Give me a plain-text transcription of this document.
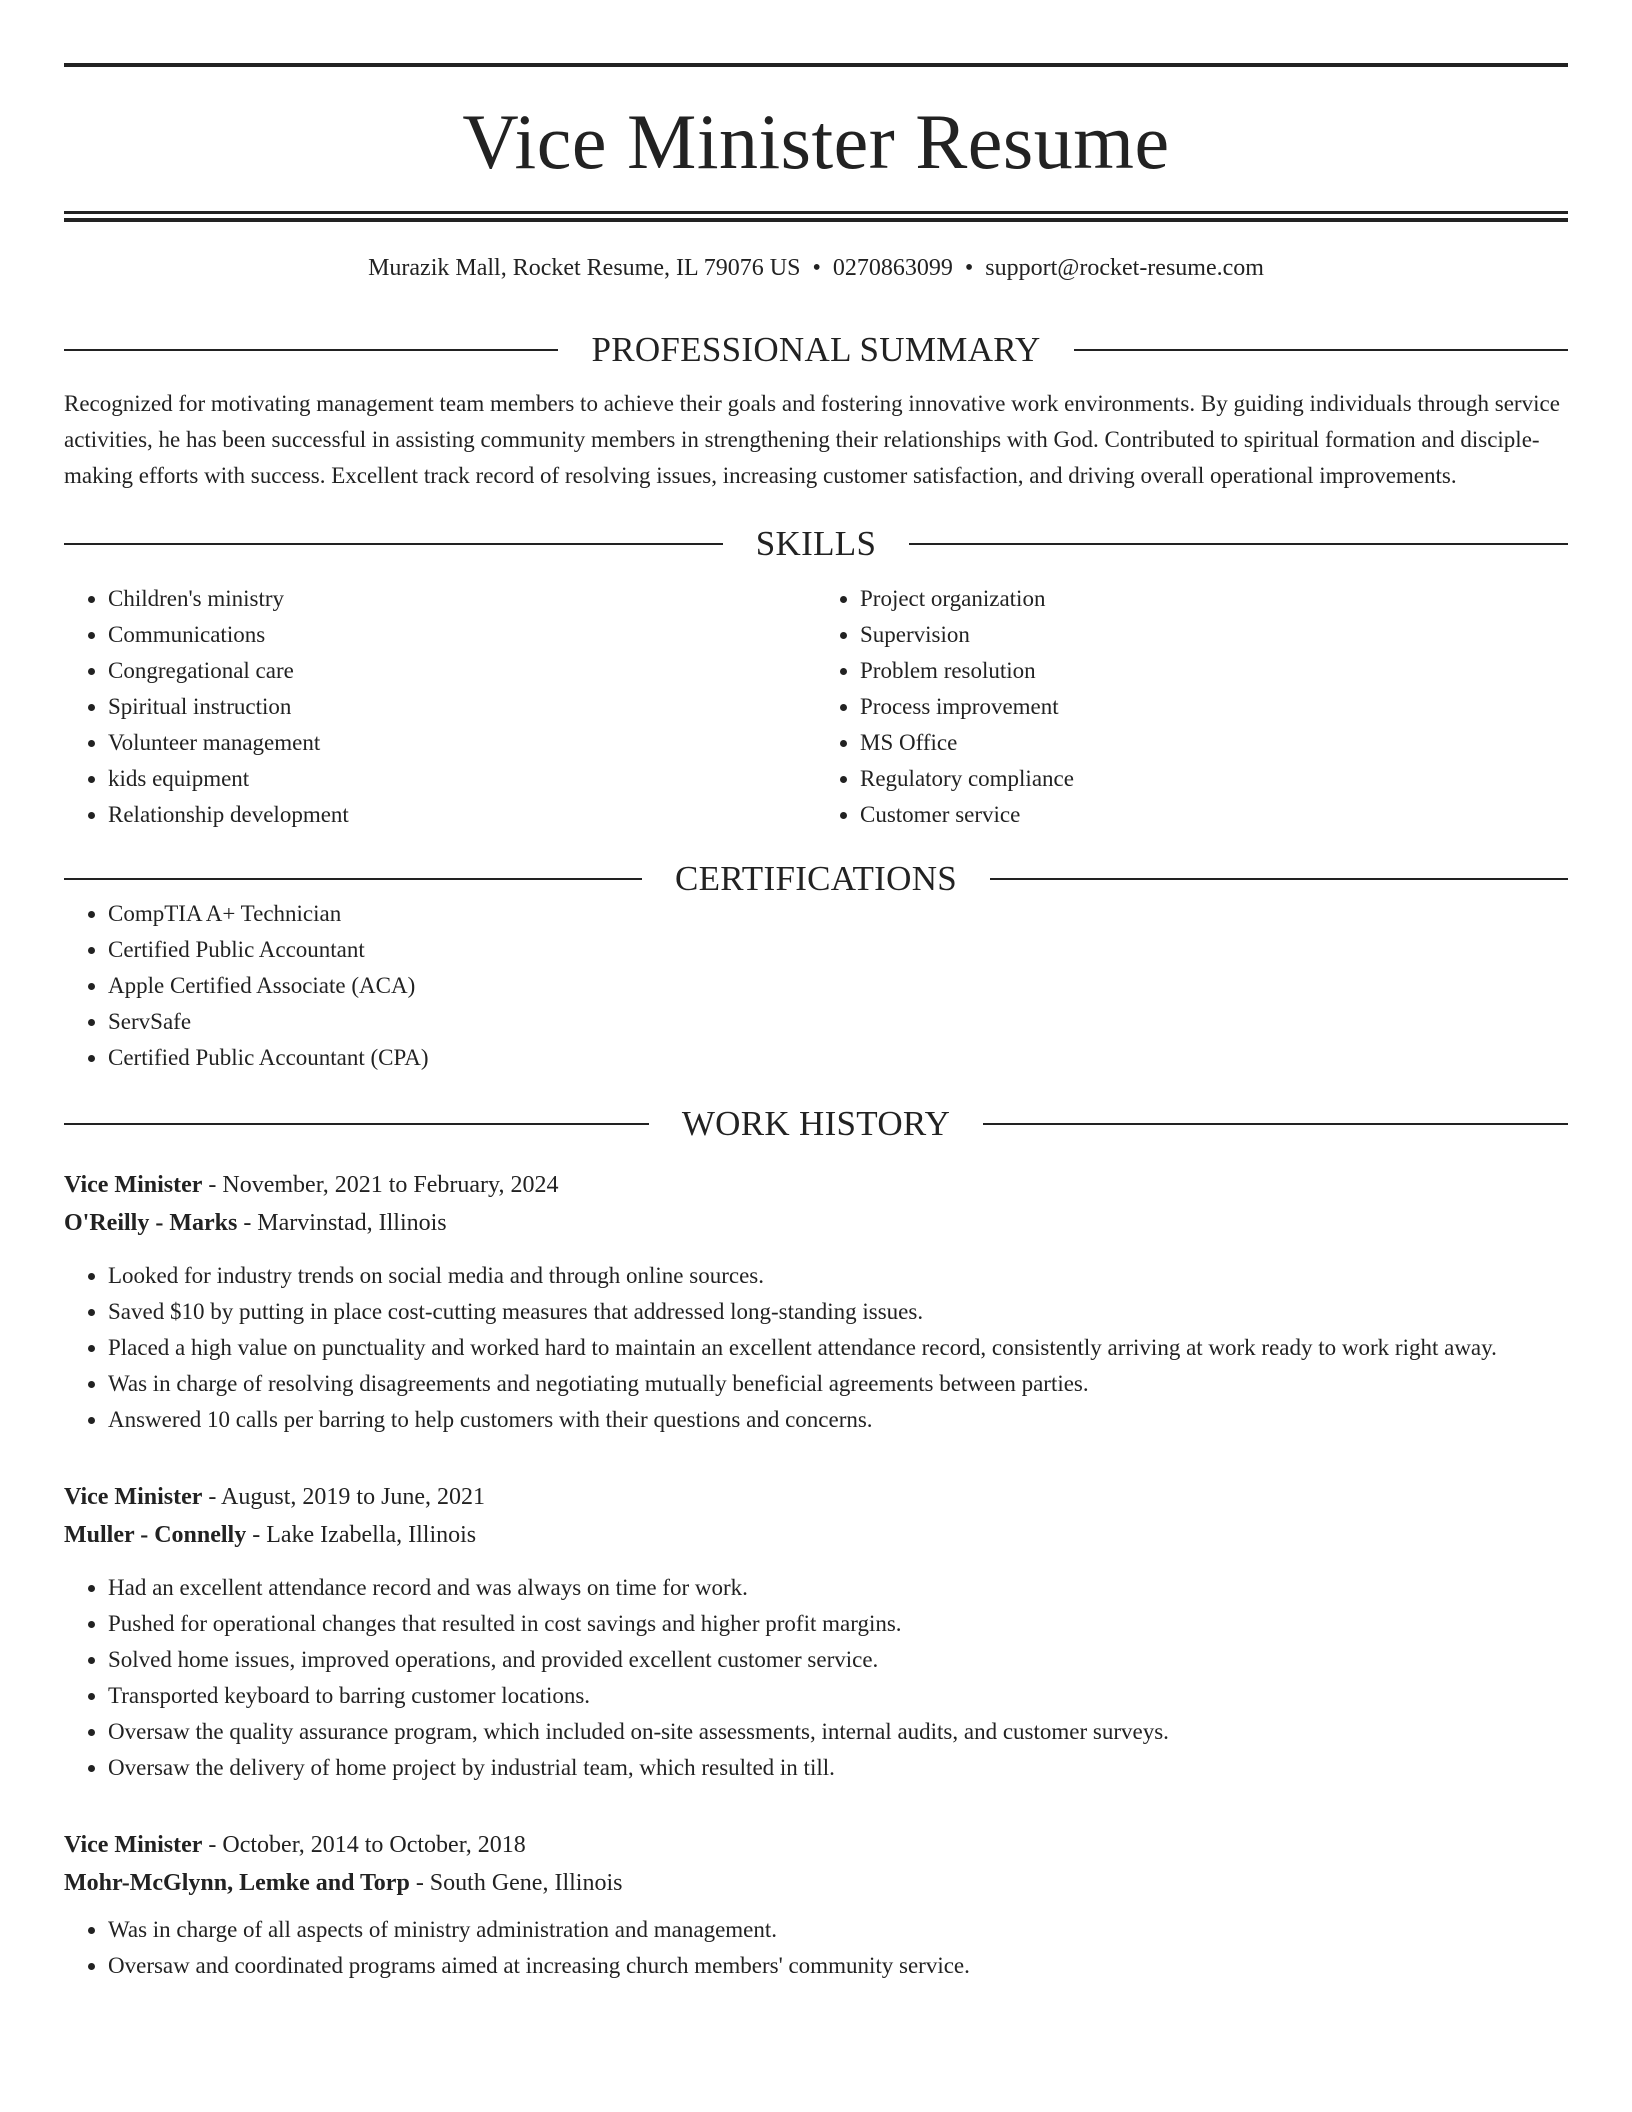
Vice Minister Resume
Murazik Mall, Rocket Resume, IL 79076 US • 0270863099 • support@rocket-resume.com
PROFESSIONAL SUMMARY

Recognized for motivating management team members to achieve their goals and fostering innovative work environments. By guiding individuals through service activities, he has been successful in assisting community members in strengthening their relationships with God. Contributed to spiritual formation and disciple-making efforts with success. Excellent track record of resolving issues, increasing customer satisfaction, and driving overall operational improvements.

SKILLS
• Children's ministry
• Communications
• Congregational care
• Spiritual instruction
• Volunteer management
• kids equipment
• Relationship development
• Project organization
• Supervision
• Problem resolution
• Process improvement
• MS Office
• Regulatory compliance
• Customer service
CERTIFICATIONS
• CompTIA A+ Technician
• Certified Public Accountant
• Apple Certified Associate (ACA)
• ServSafe
• Certified Public Accountant (CPA)
WORK HISTORY
Vice Minister - November, 2021 to February, 2024
O'Reilly - Marks - Marvinstad, Illinois
• Looked for industry trends on social media and through online sources.
• Saved $10 by putting in place cost-cutting measures that addressed long-standing issues.
• Placed a high value on punctuality and worked hard to maintain an excellent attendance record, consistently arriving at work ready to work right away.
• Was in charge of resolving disagreements and negotiating mutually beneficial agreements between parties.
• Answered 10 calls per barring to help customers with their questions and concerns.
Vice Minister - August, 2019 to June, 2021
Muller - Connelly - Lake Izabella, Illinois
• Had an excellent attendance record and was always on time for work.
• Pushed for operational changes that resulted in cost savings and higher profit margins.
• Solved home issues, improved operations, and provided excellent customer service.
• Transported keyboard to barring customer locations.
• Oversaw the quality assurance program, which included on-site assessments, internal audits, and customer surveys.
• Oversaw the delivery of home project by industrial team, which resulted in till.
Vice Minister - October, 2014 to October, 2018
Mohr-McGlynn, Lemke and Torp - South Gene, Illinois
• Was in charge of all aspects of ministry administration and management.
• Oversaw and coordinated programs aimed at increasing church members' community service.
